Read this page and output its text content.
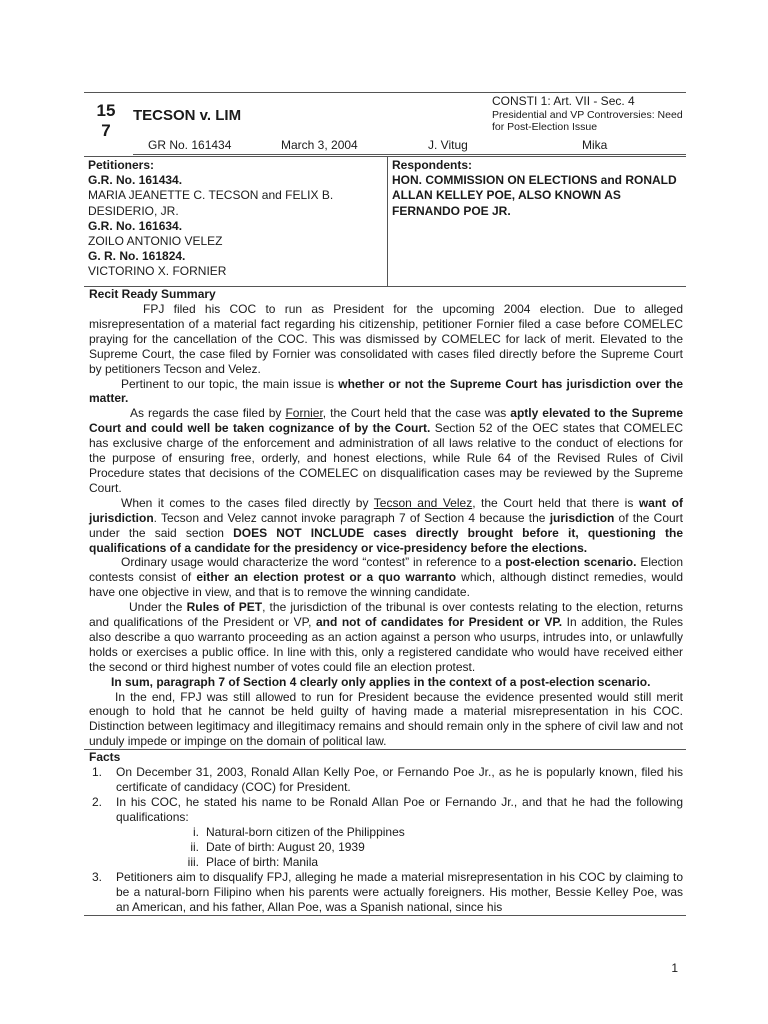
15 7
TECSON v. LIM
CONSTI 1: Art. VII - Sec. 4
Presidential and VP Controversies: Need for Post-Election Issue
GR No. 161434	March 3, 2004	J. Vitug	Mika
Petitioners:
G.R. No. 161434.
MARIA JEANETTE C. TECSON and FELIX B. DESIDERIO, JR.
G.R. No. 161634.
ZOILO ANTONIO VELEZ
G. R. No. 161824.
VICTORINO X. FORNIER
Respondents:
HON. COMMISSION ON ELECTIONS and RONALD ALLAN KELLEY POE, ALSO KNOWN AS FERNANDO POE JR.
Recit Ready Summary

FPJ filed his COC to run as President for the upcoming 2004 election. Due to alleged misrepresentation of a material fact regarding his citizenship, petitioner Fornier filed a case before COMELEC praying for the cancellation of the COC. This was dismissed by COMELEC for lack of merit. Elevated to the Supreme Court, the case filed by Fornier was consolidated with cases filed directly before the Supreme Court by petitioners Tecson and Velez.

Pertinent to our topic, the main issue is whether or not the Supreme Court has jurisdiction over the matter.

As regards the case filed by Fornier, the Court held that the case was aptly elevated to the Supreme Court and could well be taken cognizance of by the Court. Section 52 of the OEC states that COMELEC has exclusive charge of the enforcement and administration of all laws relative to the conduct of elections for the purpose of ensuring free, orderly, and honest elections, while Rule 64 of the Revised Rules of Civil Procedure states that decisions of the COMELEC on disqualification cases may be reviewed by the Supreme Court.

When it comes to the cases filed directly by Tecson and Velez, the Court held that there is want of jurisdiction. Tecson and Velez cannot invoke paragraph 7 of Section 4 because the jurisdiction of the Court under the said section DOES NOT INCLUDE cases directly brought before it, questioning the qualifications of a candidate for the presidency or vice-presidency before the elections.

Ordinary usage would characterize the word “contest” in reference to a post-election scenario. Election contests consist of either an election protest or a quo warranto which, although distinct remedies, would have one objective in view, and that is to remove the winning candidate.

Under the Rules of PET, the jurisdiction of the tribunal is over contests relating to the election, returns and qualifications of the President or VP, and not of candidates for President or VP. In addition, the Rules also describe a quo warranto proceeding as an action against a person who usurps, intrudes into, or unlawfully holds or exercises a public office. In line with this, only a registered candidate who would have received either the second or third highest number of votes could file an election protest.

In sum, paragraph 7 of Section 4 clearly only applies in the context of a post-election scenario.

In the end, FPJ was still allowed to run for President because the evidence presented would still merit enough to hold that he cannot be held guilty of having made a material misrepresentation in his COC. Distinction between legitimacy and illegitimacy remains and should remain only in the sphere of civil law and not unduly impede or impinge on the domain of political law.

Facts
1. On December 31, 2003, Ronald Allan Kelly Poe, or Fernando Poe Jr., as he is popularly known, filed his certificate of candidacy (COC) for President.
2. In his COC, he stated his name to be Ronald Allan Poe or Fernando Jr., and that he had the following qualifications:
i. Natural-born citizen of the Philippines
ii. Date of birth: August 20, 1939
iii. Place of birth: Manila
3. Petitioners aim to disqualify FPJ, alleging he made a material misrepresentation in his COC by claiming to be a natural-born Filipino when his parents were actually foreigners. His mother, Bessie Kelley Poe, was an American, and his father, Allan Poe, was a Spanish national, since his
1
